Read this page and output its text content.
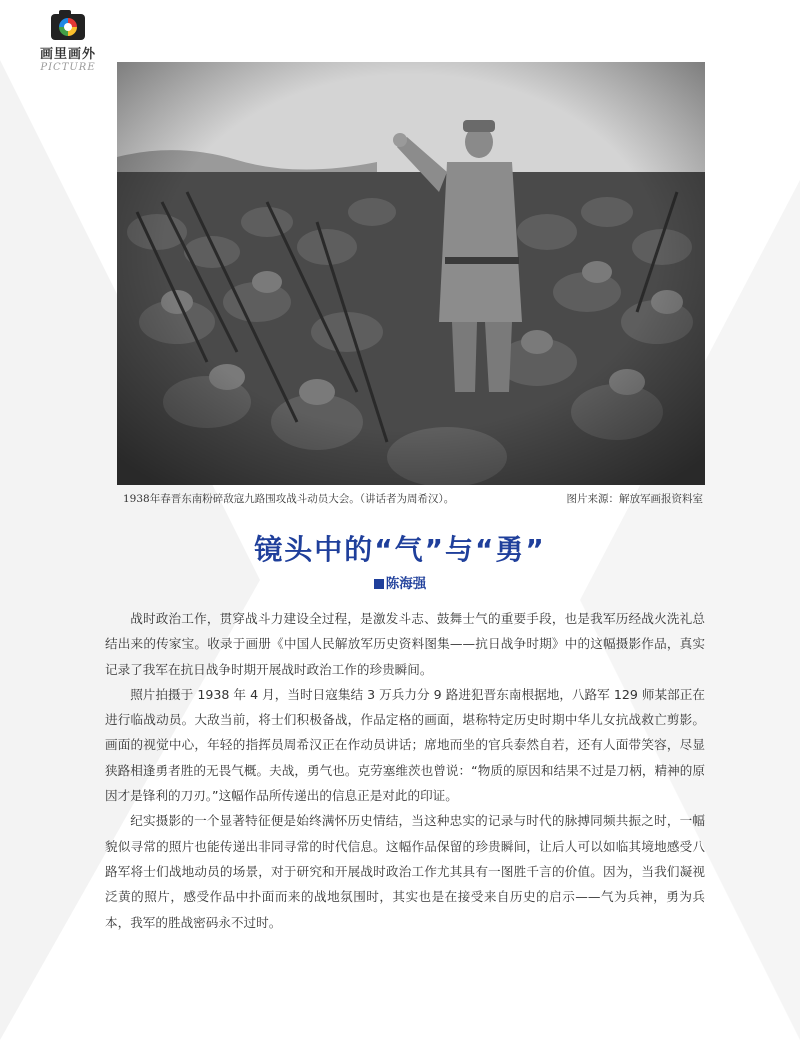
画里画外
PICTURE
1938年春晋东南粉碎敌寇九路围攻战斗动员大会。（讲话者为周希汉）。	图片来源：解放军画报资料室
镜头中的“气”与“勇”
陈海强

战时政治工作，贯穿战斗力建设全过程，是激发斗志、鼓舞士气的重要手段，也是我军历经战火洗礼总结出来的传家宝。收录于画册《中国人民解放军历史资料图集——抗日战争时期》中的这幅摄影作品，真实记录了我军在抗日战争时期开展战时政治工作的珍贵瞬间。

照片拍摄于 1938 年 4 月，当时日寇集结 3 万兵力分 9 路进犯晋东南根据地，八路军 129 师某部正在进行临战动员。大敌当前，将士们积极备战，作品定格的画面，堪称特定历史时期中华儿女抗战救亡剪影。画面的视觉中心，年轻的指挥员周希汉正在作动员讲话；席地而坐的官兵泰然自若，还有人面带笑容，尽显狭路相逢勇者胜的无畏气概。夫战，勇气也。克劳塞维茨也曾说：“物质的原因和结果不过是刀柄，精神的原因才是锋利的刀刃。”这幅作品所传递出的信息正是对此的印证。

纪实摄影的一个显著特征便是始终满怀历史情结，当这种忠实的记录与时代的脉搏同频共振之时，一幅貌似寻常的照片也能传递出非同寻常的时代信息。这幅作品保留的珍贵瞬间，让后人可以如临其境地感受八路军将士们战地动员的场景，对于研究和开展战时政治工作尤其具有一图胜千言的价值。因为，当我们凝视泛黄的照片，感受作品中扑面而来的战地氛围时，其实也是在接受来自历史的启示——气为兵神，勇为兵本，我军的胜战密码永不过时。
